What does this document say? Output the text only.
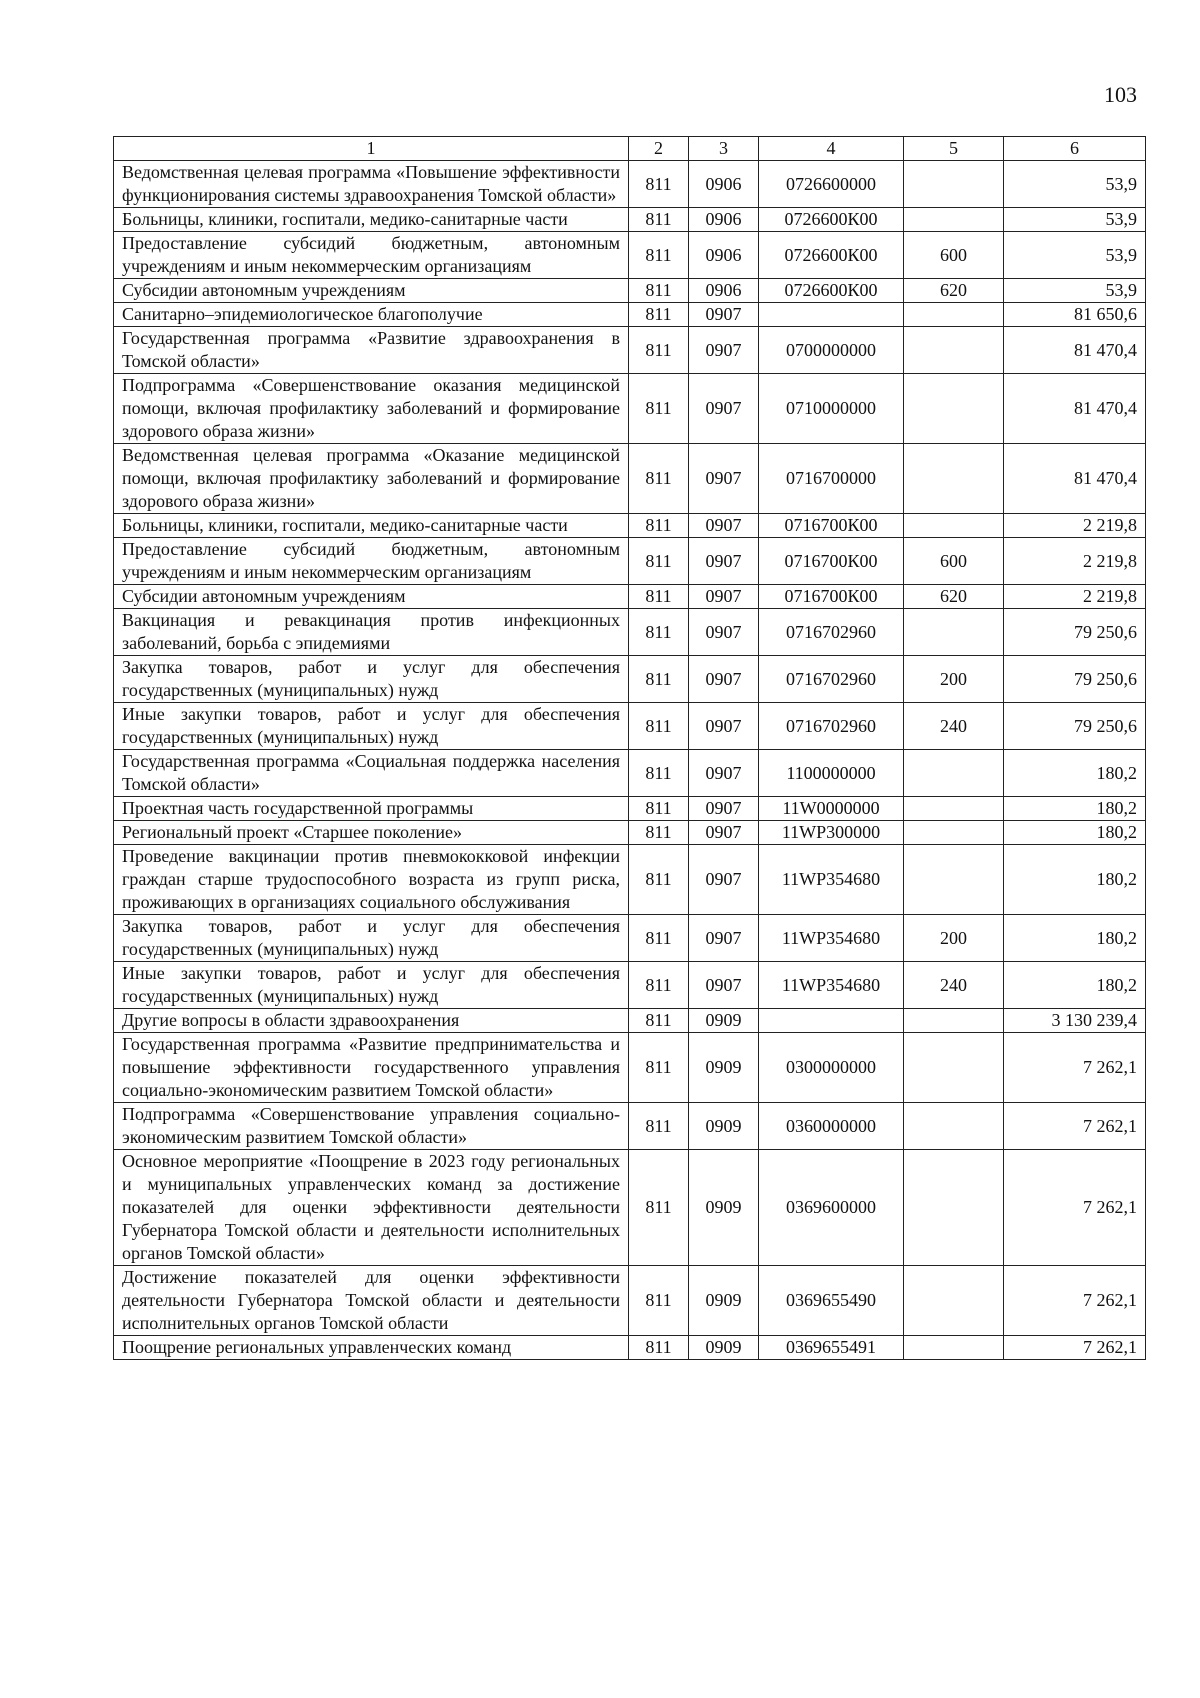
103
1	2	3	4	5	6
Ведомственная целевая программа «Повышение эффективности функционирования системы здравоохранения Томской области»	811	0906	0726600000		53,9
Больницы, клиники, госпитали, медико-санитарные части	811	0906	0726600К00		53,9
Предоставление субсидий бюджетным, автономным учреждениям и иным некоммерческим организациям	811	0906	0726600К00	600	53,9
Субсидии автономным учреждениям	811	0906	0726600К00	620	53,9
Санитарно–эпидемиологическое благополучие	811	0907			81 650,6
Государственная программа «Развитие здравоохранения в Томской области»	811	0907	0700000000		81 470,4
Подпрограмма «Совершенствование оказания медицинской помощи, включая профилактику заболеваний и формирование здорового образа жизни»	811	0907	0710000000		81 470,4
Ведомственная целевая программа «Оказание медицинской помощи, включая профилактику заболеваний и формирование здорового образа жизни»	811	0907	0716700000		81 470,4
Больницы, клиники, госпитали, медико-санитарные части	811	0907	0716700К00		2 219,8
Предоставление субсидий бюджетным, автономным учреждениям и иным некоммерческим организациям	811	0907	0716700К00	600	2 219,8
Субсидии автономным учреждениям	811	0907	0716700К00	620	2 219,8
Вакцинация и ревакцинация против инфекционных заболеваний, борьба с эпидемиями	811	0907	0716702960		79 250,6
Закупка товаров, работ и услуг для обеспечения государственных (муниципальных) нужд	811	0907	0716702960	200	79 250,6
Иные закупки товаров, работ и услуг для обеспечения государственных (муниципальных) нужд	811	0907	0716702960	240	79 250,6
Государственная программа «Социальная поддержка населения Томской области»	811	0907	1100000000		180,2
Проектная часть государственной программы	811	0907	11W0000000		180,2
Региональный проект «Старшее поколение»	811	0907	11WP300000		180,2
Проведение вакцинации против пневмококковой инфекции граждан старше трудоспособного возраста из групп риска, проживающих в организациях социального обслуживания	811	0907	11WP354680		180,2
Закупка товаров, работ и услуг для обеспечения государственных (муниципальных) нужд	811	0907	11WP354680	200	180,2
Иные закупки товаров, работ и услуг для обеспечения государственных (муниципальных) нужд	811	0907	11WP354680	240	180,2
Другие вопросы в области здравоохранения	811	0909			3 130 239,4
Государственная программа «Развитие предпринимательства и повышение эффективности государственного управления социально-экономическим развитием Томской области»	811	0909	0300000000		7 262,1
Подпрограмма «Совершенствование управления социально-экономическим развитием Томской области»	811	0909	0360000000		7 262,1
Основное мероприятие «Поощрение в 2023 году региональных и муниципальных управленческих команд за достижение показателей для оценки эффективности деятельности Губернатора Томской области и деятельности исполнительных органов Томской области»	811	0909	0369600000		7 262,1
Достижение показателей для оценки эффективности деятельности Губернатора Томской области и деятельности исполнительных органов Томской области	811	0909	0369655490		7 262,1
Поощрение региональных управленческих команд	811	0909	0369655491		7 262,1
